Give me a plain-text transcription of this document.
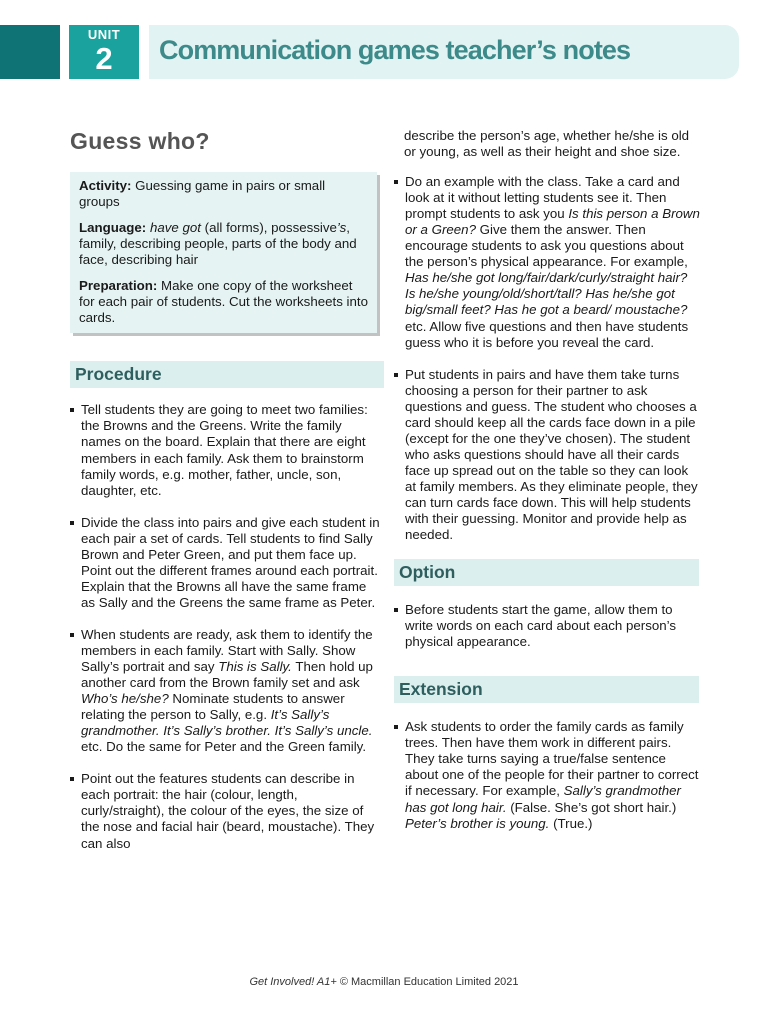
UNIT
2	Communication games teacher’s notes
Guess who?

Activity: Guessing game in pairs or small groups

Language: have got (all forms), possessive’s, family, describing people, parts of the body and face, describing hair

Preparation: Make one copy of the worksheet for each pair of students. Cut the worksheets into cards.

Procedure
Tell students they are going to meet two families: the Browns and the Greens. Write the family names on the board. Explain that there are eight members in each family. Ask them to brainstorm family words, e.g. mother, father, uncle, son, daughter, etc.
Divide the class into pairs and give each student in each pair a set of cards. Tell students to find Sally Brown and Peter Green, and put them face up. Point out the different frames around each portrait. Explain that the Browns all have the same frame as Sally and the Greens the same frame as Peter.
When students are ready, ask them to identify the members in each family. Start with Sally. Show Sally’s portrait and say This is Sally. Then hold up another card from the Brown family set and ask Who’s he/she? Nominate students to answer relating the person to Sally, e.g. It’s Sally’s grandmother. It’s Sally’s brother. It’s Sally’s uncle. etc. Do the same for Peter and the Green family.
Point out the features students can describe in each portrait: the hair (colour, length, curly/straight), the colour of the eyes, the size of the nose and facial hair (beard, moustache). They can also

describe the person’s age, whether he/she is old or young, as well as their height and shoe size.

Do an example with the class. Take a card and look at it without letting students see it. Then prompt students to ask you Is this person a Brown or a Green? Give them the answer. Then encourage students to ask you questions about the person’s physical appearance. For example, Has he/she got long/fair/dark/curly/straight hair? Is he/she young/old/short/tall? Has he/she got big/small feet? Has he got a beard/ moustache? etc. Allow five questions and then have students guess who it is before you reveal the card.
Put students in pairs and have them take turns choosing a person for their partner to ask questions and guess. The student who chooses a card should keep all the cards face down in a pile (except for the one they’ve chosen). The student who asks questions should have all their cards face up spread out on the table so they can look at family members. As they eliminate people, they can turn cards face down. This will help students with their guessing. Monitor and provide help as needed.
Option
Before students start the game, allow them to write words on each card about each person’s physical appearance.
Extension
Ask students to order the family cards as family trees. Then have them work in different pairs. They take turns saying a true/false sentence about one of the people for their partner to correct if necessary. For example, Sally’s grandmother has got long hair. (False. She’s got short hair.) Peter’s brother is young. (True.)
Get Involved! A1+ © Macmillan Education Limited 2021
